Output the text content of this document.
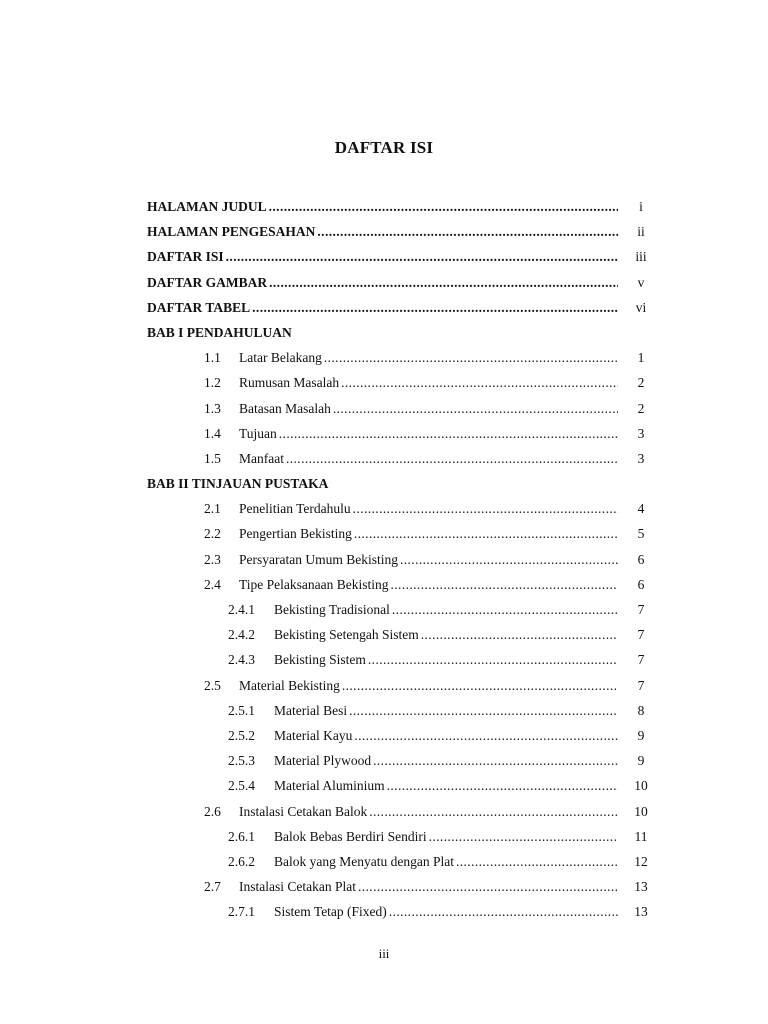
DAFTAR ISI
HALAMAN JUDUL .....	i
HALAMAN PENGESAHAN .....	ii
DAFTAR ISI .....	iii
DAFTAR GAMBAR .....	v
DAFTAR TABEL .....	vi
BAB I PENDAHULUAN
1.1 Latar Belakang .....	1
1.2 Rumusan Masalah .....	2
1.3 Batasan Masalah .....	2
1.4 Tujuan .....	3
1.5 Manfaat .....	3
BAB II TINJAUAN PUSTAKA
2.1 Penelitian Terdahulu .....	4
2.2 Pengertian Bekisting .....	5
2.3 Persyaratan Umum Bekisting .....	6
2.4 Tipe Pelaksanaan Bekisting .....	6
2.4.1 Bekisting Tradisional .....	7
2.4.2 Bekisting Setengah Sistem .....	7
2.4.3 Bekisting Sistem .....	7
2.5 Material Bekisting .....	7
2.5.1 Material Besi .....	8
2.5.2 Material Kayu .....	9
2.5.3 Material Plywood .....	9
2.5.4 Material Aluminium .....	10
2.6 Instalasi Cetakan Balok .....	10
2.6.1 Balok Bebas Berdiri Sendiri .....	11
2.6.2 Balok yang Menyatu dengan Plat .....	12
2.7 Instalasi Cetakan Plat .....	13
2.7.1 Sistem Tetap (Fixed) .....	13
iii
